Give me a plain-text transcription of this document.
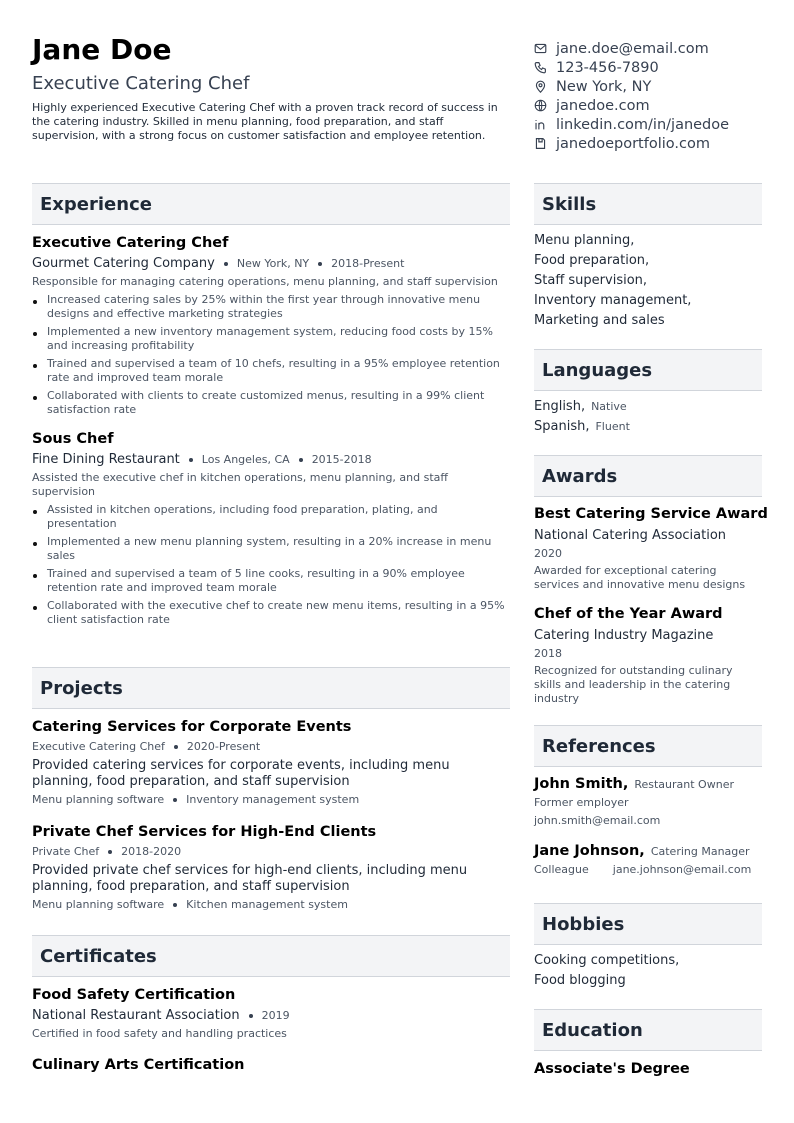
Jane Doe
Executive Catering Chef
Highly experienced Executive Catering Chef with a proven track record of success in the catering industry. Skilled in menu planning, food preparation, and staff supervision, with a strong focus on customer satisfaction and employee retention.
jane.doe@email.com
123-456-7890
New York, NY
janedoe.com
linkedin.com/in/janedoe
janedoeportfolio.com
Experience
Executive Catering Chef
Gourmet Catering Company New York, NY 2018-Present
Responsible for managing catering operations, menu planning, and staff supervision
Increased catering sales by 25% within the first year through innovative menu designs and effective marketing strategies
Implemented a new inventory management system, reducing food costs by 15% and increasing profitability
Trained and supervised a team of 10 chefs, resulting in a 95% employee retention rate and improved team morale
Collaborated with clients to create customized menus, resulting in a 99% client satisfaction rate
Sous Chef
Fine Dining Restaurant Los Angeles, CA 2015-2018
Assisted the executive chef in kitchen operations, menu planning, and staff supervision
Assisted in kitchen operations, including food preparation, plating, and presentation
Implemented a new menu planning system, resulting in a 20% increase in menu sales
Trained and supervised a team of 5 line cooks, resulting in a 90% employee retention rate and improved team morale
Collaborated with the executive chef to create new menu items, resulting in a 95% client satisfaction rate
Projects
Catering Services for Corporate Events
Executive Catering Chef 2020-Present
Provided catering services for corporate events, including menu planning, food preparation, and staff supervision
Menu planning software Inventory management system
Private Chef Services for High-End Clients
Private Chef 2018-2020
Provided private chef services for high-end clients, including menu planning, food preparation, and staff supervision
Menu planning software Kitchen management system
Certificates
Food Safety Certification
National Restaurant Association 2019
Certified in food safety and handling practices
Culinary Arts Certification
Skills
Menu planning,
Food preparation,
Staff supervision,
Inventory management,
Marketing and sales
Languages
English, Native
Spanish, Fluent
Awards
Best Catering Service Award
National Catering Association
2020
Awarded for exceptional catering services and innovative menu designs
Chef of the Year Award
Catering Industry Magazine
2018
Recognized for outstanding culinary skills and leadership in the catering industry
References
John Smith, Restaurant Owner
Former employer
john.smith@email.com
Jane Johnson, Catering Manager
Colleague jane.johnson@email.com
Hobbies
Cooking competitions,
Food blogging
Education
Associate's Degree
